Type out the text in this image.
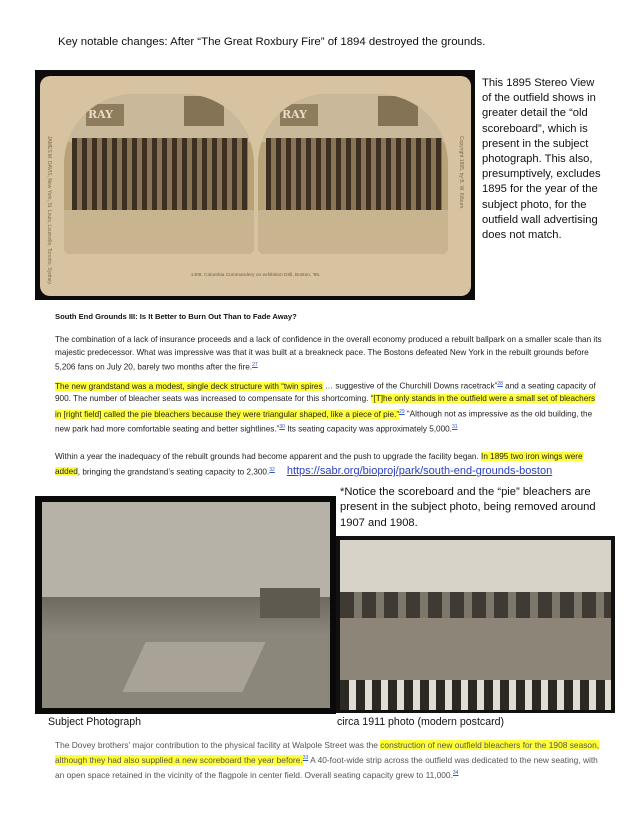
Key notable changes: After “The Great Roxbury Fire” of 1894 destroyed the grounds.
JAMES M. DAVIS, New York, St. Louis, Louisville, Toronto, Sydney.
RAY	RAY
Copyright 1895, by B. W. Kilburn.
1408. Columbia Commandery on exhibition Drill, Boston, '95.
This 1895 Stereo View of the outfield shows in greater detail the “old scoreboard”, which is present in the subject photograph. This also, presumptively, excludes 1895 for the year of the subject photo, for the outfield wall advertising does not match.
South End Grounds III: Is It Better to Burn Out Than to Fade Away?
The combination of a lack of insurance proceeds and a lack of confidence in the overall economy produced a rebuilt ballpark on a smaller scale than its majestic predecessor. What was impressive was that it was built at a breakneck pace. The Bostons defeated New York in the rebuilt grounds before 5,206 fans on July 20, barely two months after the fire.$^{27}$
The new grandstand was a modest, single deck structure with “twin spires … suggestive of the Churchill Downs racetrack”$^{28}$ and a seating capacity of 900. The number of bleacher seats was increased to compensate for this shortcoming. “[T]he only stands in the outfield were a small set of bleachers in [right field] called the pie bleachers because they were triangular shaped, like a piece of pie.”$^{29}$ “Although not as impressive as the old building, the new park had more comfortable seating and better sightlines.”$^{30}$ Its seating capacity was approximately 5,000.31
Within a year the inadequacy of the rebuilt grounds had become apparent and the push to upgrade the facility began. In 1895 two iron wings were added, bringing the grandstand’s seating capacity to 2,300.32 https://sabr.org/bioproj/park/south-end-grounds-boston
*Notice the scoreboard and the “pie” bleachers are present in the subject photo, being removed around 1907 and 1908.
Subject Photograph	circa 1911 photo (modern postcard)
The Dovey brothers’ major contribution to the physical facility at Walpole Street was the construction of new outfield bleachers for the 1908 season, although they had also supplied a new scoreboard the year before.$^{33}$ A 40-foot-wide strip across the outfield was dedicated to the new seating, with an open space retained in the vicinity of the flagpole in center field. Overall seating capacity grew to 11,000.34
